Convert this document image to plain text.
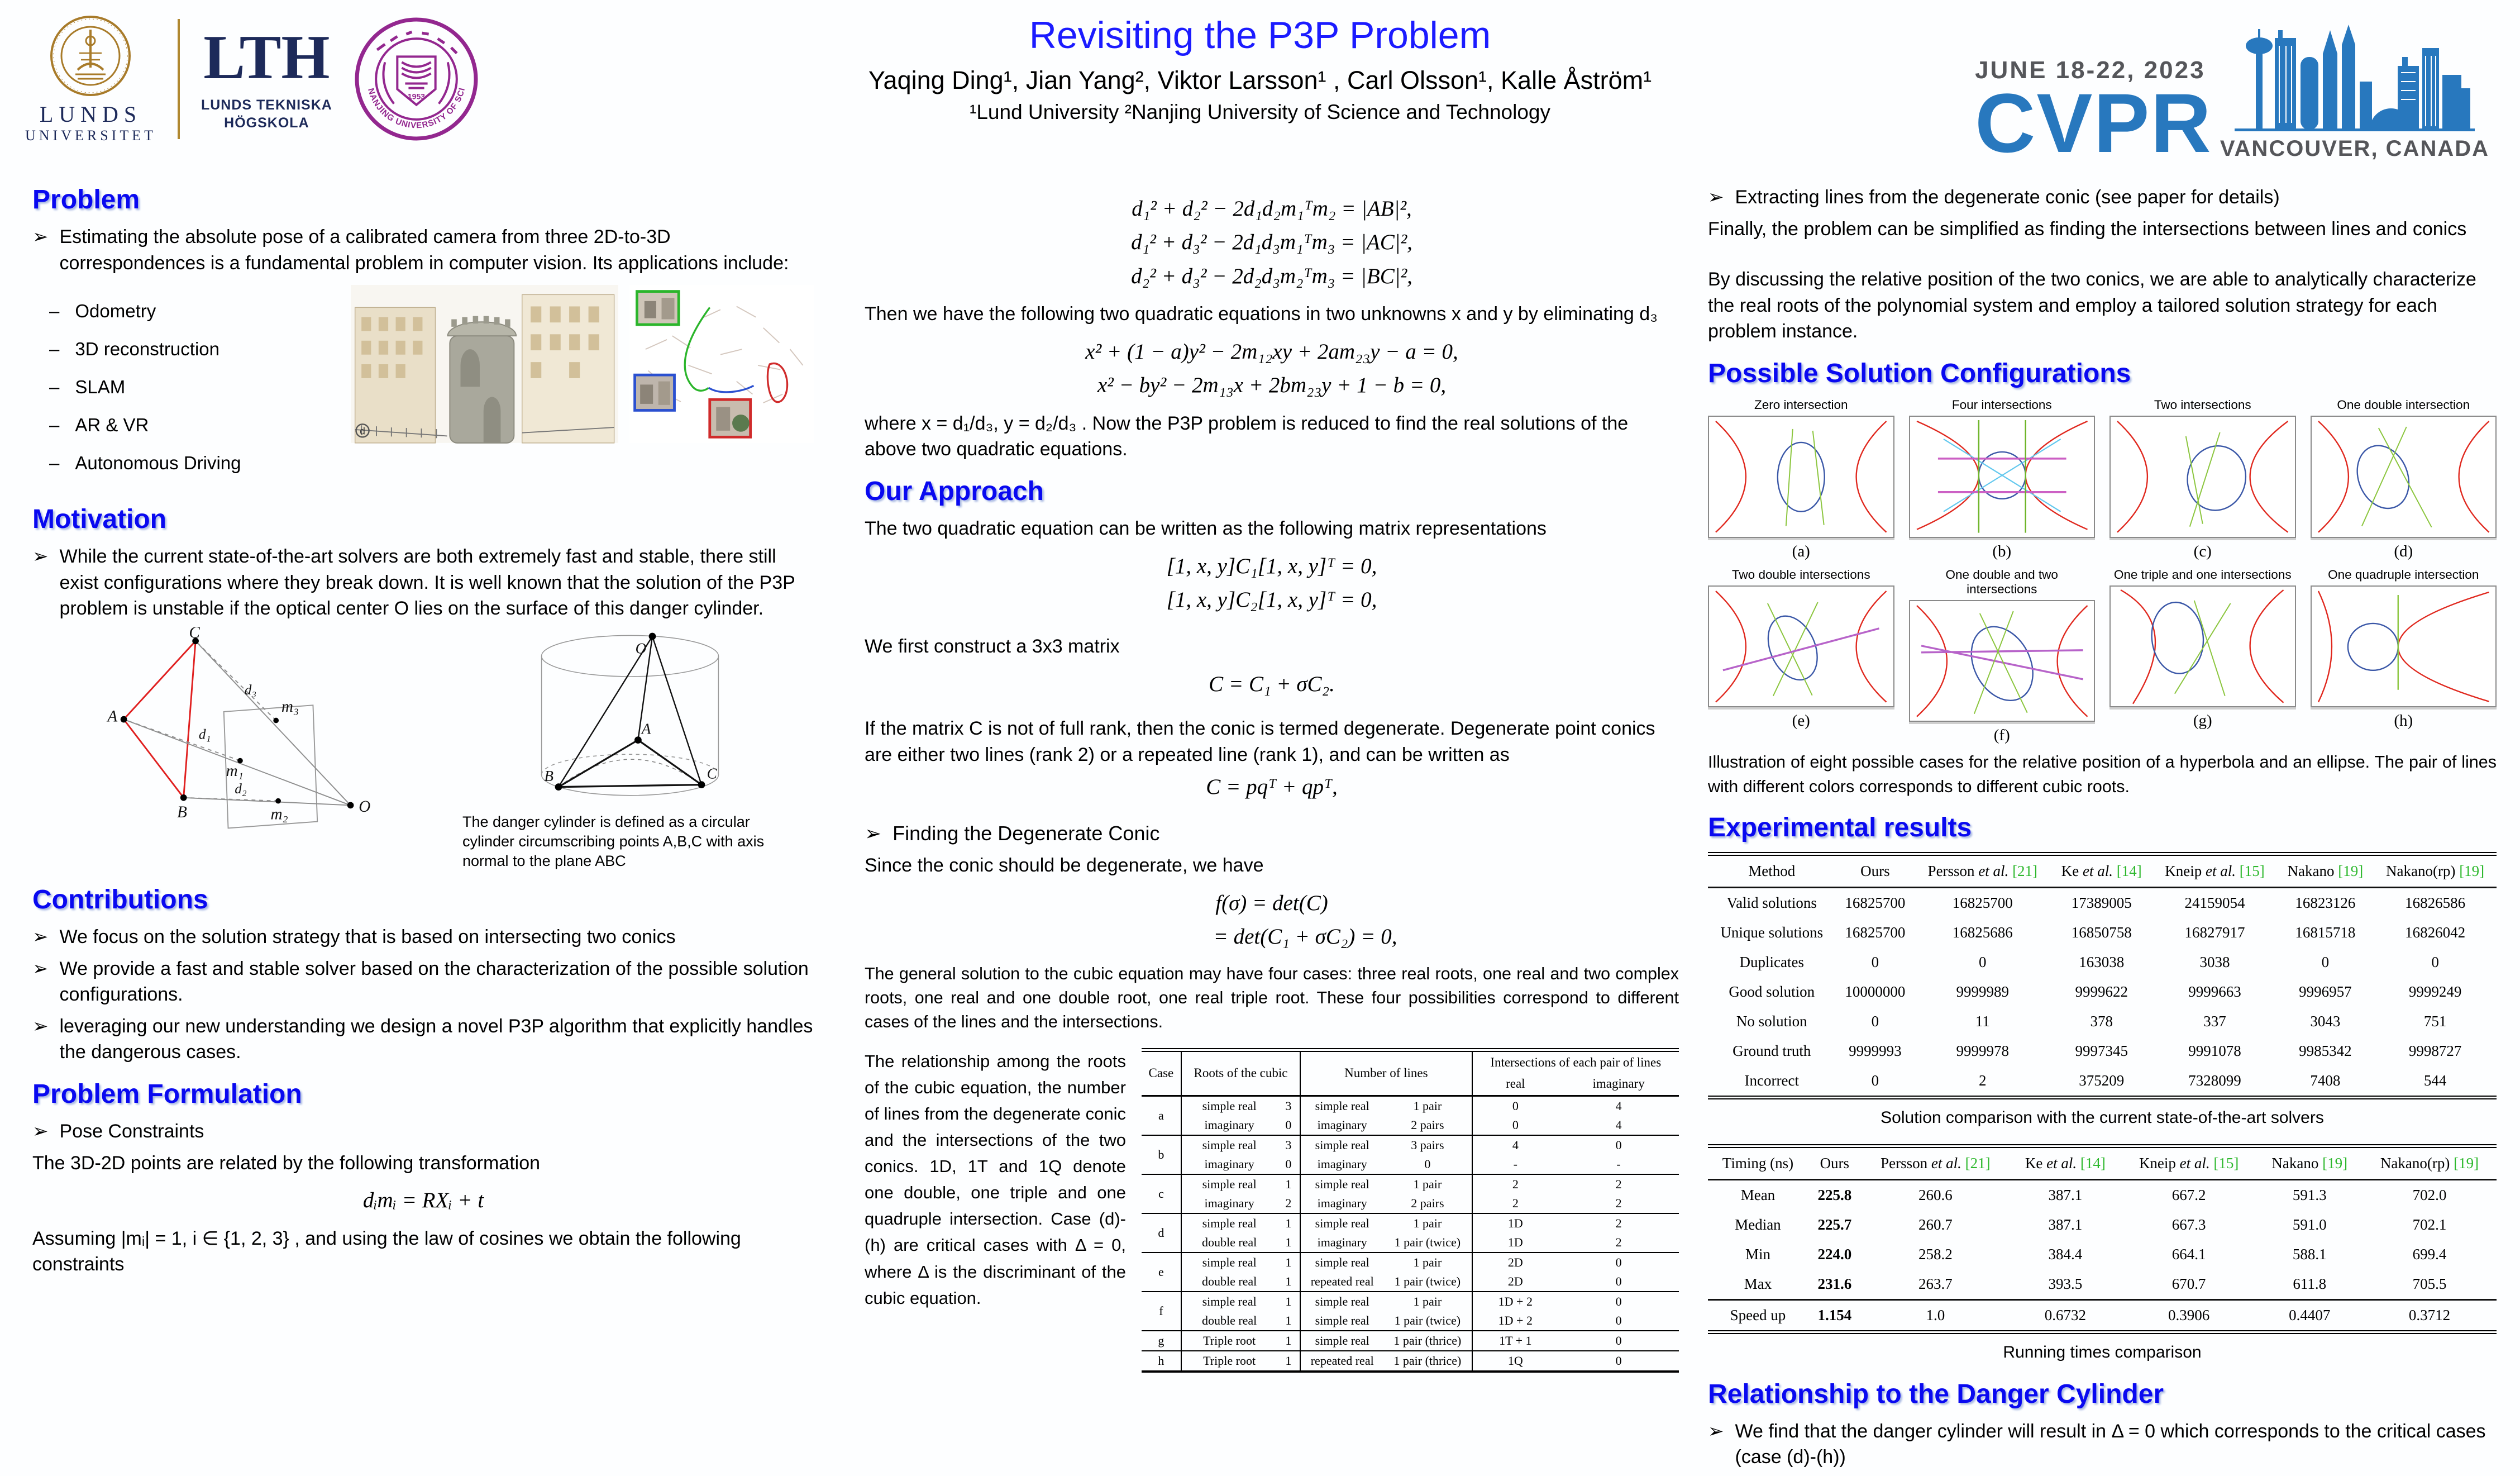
LUNDS
UNIVERSITET
LTH
LUNDS TEKNISKA
HÖGSKOLA
NANJING UNIVERSITY OF SCIENCE & TECHNOLOGY
1953
Revisiting the P3P Problem
Yaqing Ding¹, Jian Yang², Viktor Larsson¹ , Carl Olsson¹, Kalle Åström¹
¹Lund University ²Nanjing University of Science and Technology
JUNE 18-22, 2023
CVPR VANCOUVER, CANADA
Problem
➢ Estimating the absolute pose of a calibrated camera from three 2D-to-3D correspondences is a fundamental problem in computer vision. Its applications include:
– Odometry
– 3D reconstruction
– SLAM
– AR & VR
– Autonomous Driving
d
Motivation
➢ While the current state-of-the-art solvers are both extremely fast and stable, there still exist configurations where they break down. It is well known that the solution of the P3P problem is unstable if the optical center O lies on the surface of this danger cylinder.
C
A
B	O
m₃
m₁
m₂
d₃
d₁
d₂
O
A
B	C
The danger cylinder is defined as a circular cylinder circumscribing points A,B,C with axis normal to the plane ABC
Contributions
➢ We focus on the solution strategy that is based on intersecting two conics
➢ We provide a fast and stable solver based on the characterization of the possible solution configurations.
➢ leveraging our new understanding we design a novel P3P algorithm that explicitly handles the dangerous cases.
Problem Formulation
➢ Pose Constraints
The 3D-2D points are related by the following transformation
dᵢmᵢ = RXᵢ + t
Assuming |mᵢ| = 1, i ∈ {1, 2, 3} , and using the law of cosines we obtain the following constraints
d₁² + d₂² − 2d₁d₂m₁ᵀm₂ = |AB|²,
d₁² + d₃² − 2d₁d₃m₁ᵀm₃ = |AC|²,
d₂² + d₃² − 2d₂d₃m₂ᵀm₃ = |BC|²,
Then we have the following two quadratic equations in two unknowns x and y by eliminating d₃
x² + (1 − a)y² − 2m₁₂xy + 2am₂₃y − a = 0,
x² − by² − 2m₁₃x + 2bm₂₃y + 1 − b = 0,
where x = d₁/d₃, y = d₂/d₃ . Now the P3P problem is reduced to find the real solutions of the above two quadratic equations.
Our Approach
The two quadratic equation can be written as the following matrix representations
[1, x, y]C₁[1, x, y]ᵀ = 0,
[1, x, y]C₂[1, x, y]ᵀ = 0,
We first construct a 3x3 matrix
C = C₁ + σC₂.
If the matrix C is not of full rank, then the conic is termed degenerate. Degenerate point conics are either two lines (rank 2) or a repeated line (rank 1), and can be written as
C = pqᵀ + qpᵀ,
➢ Finding the Degenerate Conic
Since the conic should be degenerate, we have
f(σ) = det(C)
= det(C₁ + σC₂) = 0,
The general solution to the cubic equation may have four cases: three real roots, one real and two complex roots, one real and one double root, one real triple root. These four possibilities correspond to different cases of the lines and the intersections.
The relationship among the roots of the cubic equation, the number of lines from the degenerate conic and the intersections of the two conics. 1D, 1T and 1Q denote one double, one triple and one quadruple intersection. Case (d)-(h) are critical cases with Δ = 0, where Δ is the discriminant of the cubic equation.
Case	Roots of the cubic		Number of lines		Intersections of each pair of lines	
					real	imaginary
a	simple real	3	simple real	1 pair	0	4
	imaginary	0	imaginary	2 pairs	0	4
b	simple real	3	simple real	3 pairs	4	0
	imaginary	0	imaginary	0	-	-
c	simple real	1	simple real	1 pair	2	2
	imaginary	2	imaginary	2 pairs	2	2
d	simple real	1	simple real	1 pair	1D	2
	double real	1	imaginary	1 pair (twice)	1D	2
e	simple real	1	simple real	1 pair	2D	0
	double real	1	repeated real	1 pair (twice)	2D	0
f	simple real	1	simple real	1 pair	1D + 2	0
	double real	1	simple real	1 pair (twice)	1D + 2	0
g	Triple root	1	simple real	1 pair (thrice)	1T + 1	0
h	Triple root	1	repeated real	1 pair (thrice)	1Q	0
➢ Extracting lines from the degenerate conic (see paper for details)
Finally, the problem can be simplified as finding the intersections between lines and conics
By discussing the relative position of the two conics, we are able to analytically characterize the real roots of the polynomial system and employ a tailored solution strategy for each problem instance.
Possible Solution Configurations
Zero intersection
(a)
Four intersections
(b)
Two intersections
(c)
One double intersection
(d)
Two double intersections
(e)
One double and two intersections
(f)
One triple and one intersections
(g)
One quadruple intersection
(h)
Illustration of eight possible cases for the relative position of a hyperbola and an ellipse. The pair of lines with different colors corresponds to different cubic roots.
Experimental results
Method	Ours	Persson et al. [21]	Ke et al. [14]	Kneip et al. [15]	Nakano [19]	Nakano(rp) [19]
Valid solutions	16825700	16825700	17389005	24159054	16823126	16826586
Unique solutions	16825700	16825686	16850758	16827917	16815718	16826042
Duplicates	0	0	163038	3038	0	0
Good solution	10000000	9999989	9999622	9999663	9996957	9999249
No solution	0	11	378	337	3043	751
Ground truth	9999993	9999978	9997345	9991078	9985342	9998727
Incorrect	0	2	375209	7328099	7408	544
Solution comparison with the current state-of-the-art solvers
Timing (ns)	Ours	Persson et al. [21]	Ke et al. [14]	Kneip et al. [15]	Nakano [19]	Nakano(rp) [19]
Mean	225.8	260.6	387.1	667.2	591.3	702.0
Median	225.7	260.7	387.1	667.3	591.0	702.1
Min	224.0	258.2	384.4	664.1	588.1	699.4
Max	231.6	263.7	393.5	670.7	611.8	705.5
Speed up	1.154	1.0	0.6732	0.3906	0.4407	0.3712
Running times comparison
Relationship to the Danger Cylinder
➢ We find that the danger cylinder will result in Δ = 0 which corresponds to the critical cases (case (d)-(h))
